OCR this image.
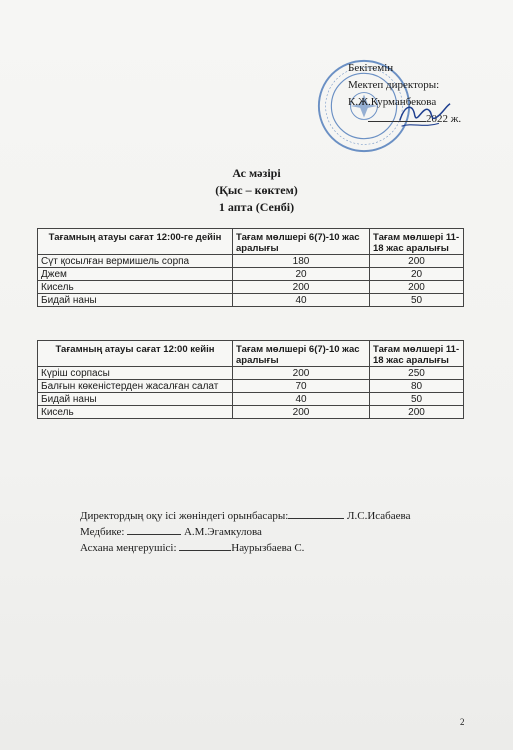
Бекітемін
Мектеп директоры:
К.Ж.Курманбекова
2022 ж.
Ас мәзірі
(Қыс – көктем)
1 апта (Сенбі)
Тағамның атауы сағат 12:00-ге дейін	Тағам мөлшері 6(7)-10 жас аралығы	Тағам мөлшері 11-18 жас аралығы
Сүт қосылған вермишель сорпа	180	200
Джем	20	20
Кисель	200	200
Бидай наны	40	50
Тағамның атауы сағат 12:00 кейін	Тағам мөлшері 6(7)-10 жас аралығы	Тағам мөлшері 11-18 жас аралығы
Күріш сорпасы	200	250
Балғын көкеністерден жасалған салат	70	80
Бидай наны	40	50
Кисель	200	200
Директордың оқу ісі жөніндегі орынбасары:	Л.С.Исабаева
Медбике:	А.М.Эгамкулова
Асхана меңгерушісі:	Наурызбаева С.
2
